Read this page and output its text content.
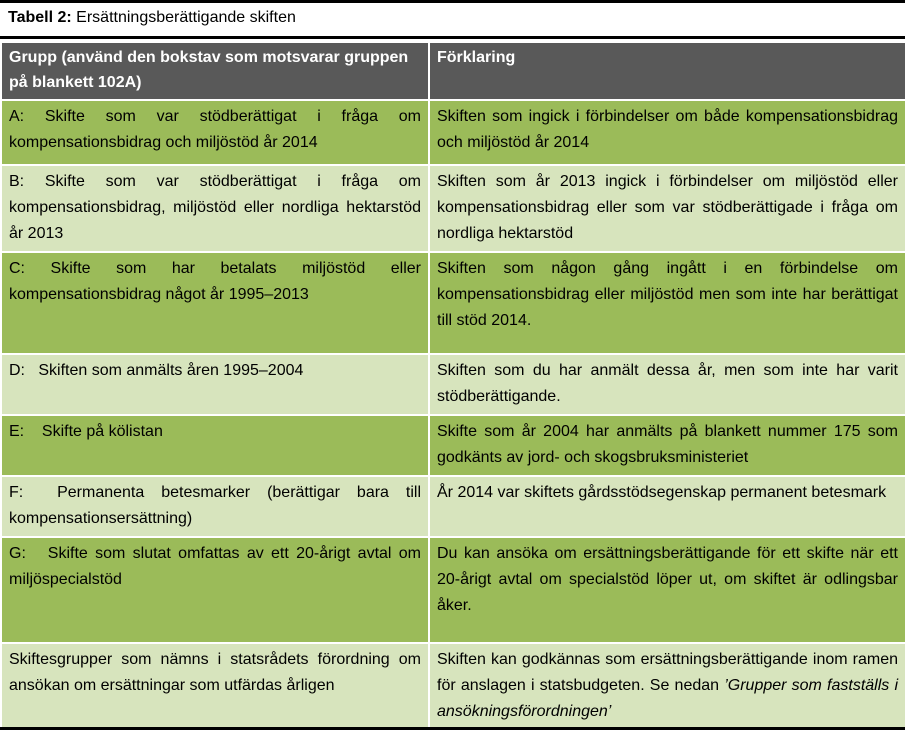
Tabell 2: Ersättningsberättigande skiften
Grupp (använd den bokstav som motsvarar gruppen på blankett 102A)	Förklaring
A: Skifte som var stödberättigat i fråga om kompensationsbidrag och miljöstöd år 2014	Skiften som ingick i förbindelser om både kompensationsbidrag och miljöstöd år 2014
B: Skifte som var stödberättigat i fråga om kompensationsbidrag, miljöstöd eller nordliga hektarstöd år 2013	Skiften som år 2013 ingick i förbindelser om miljöstöd eller kompensationsbidrag eller som var stödberättigade i fråga om nordliga hektarstöd
C: Skifte som har betalats miljöstöd eller kompensationsbidrag något år 1995–2013	Skiften som någon gång ingått i en förbindelse om kompensationsbidrag eller miljöstöd men som inte har berättigat till stöd 2014.
D:   Skiften som anmälts åren 1995–2004	Skiften som du har anmält dessa år, men som inte har varit stödberättigande.
E:    Skifte på kölistan	Skifte som år 2004 har anmälts på blankett nummer 175 som godkänts av jord- och skogsbruksministeriet
F:  Permanenta betesmarker (berättigar bara till kompensationsersättning)	År 2014 var skiftets gårdsstödsegenskap permanent betesmark
G:   Skifte som slutat omfattas av ett 20-årigt avtal om miljöspecialstöd	Du kan ansöka om ersättningsberättigande för ett skifte när ett 20-årigt avtal om specialstöd löper ut, om skiftet är odlingsbar åker.
Skiftesgrupper som nämns i statsrådets förordning om ansökan om ersättningar som utfärdas årligen	Skiften kan godkännas som ersättningsberättigande inom ramen för anslagen i statsbudgeten. Se nedan ’Grupper som fastställs i ansökningsförordningen’
